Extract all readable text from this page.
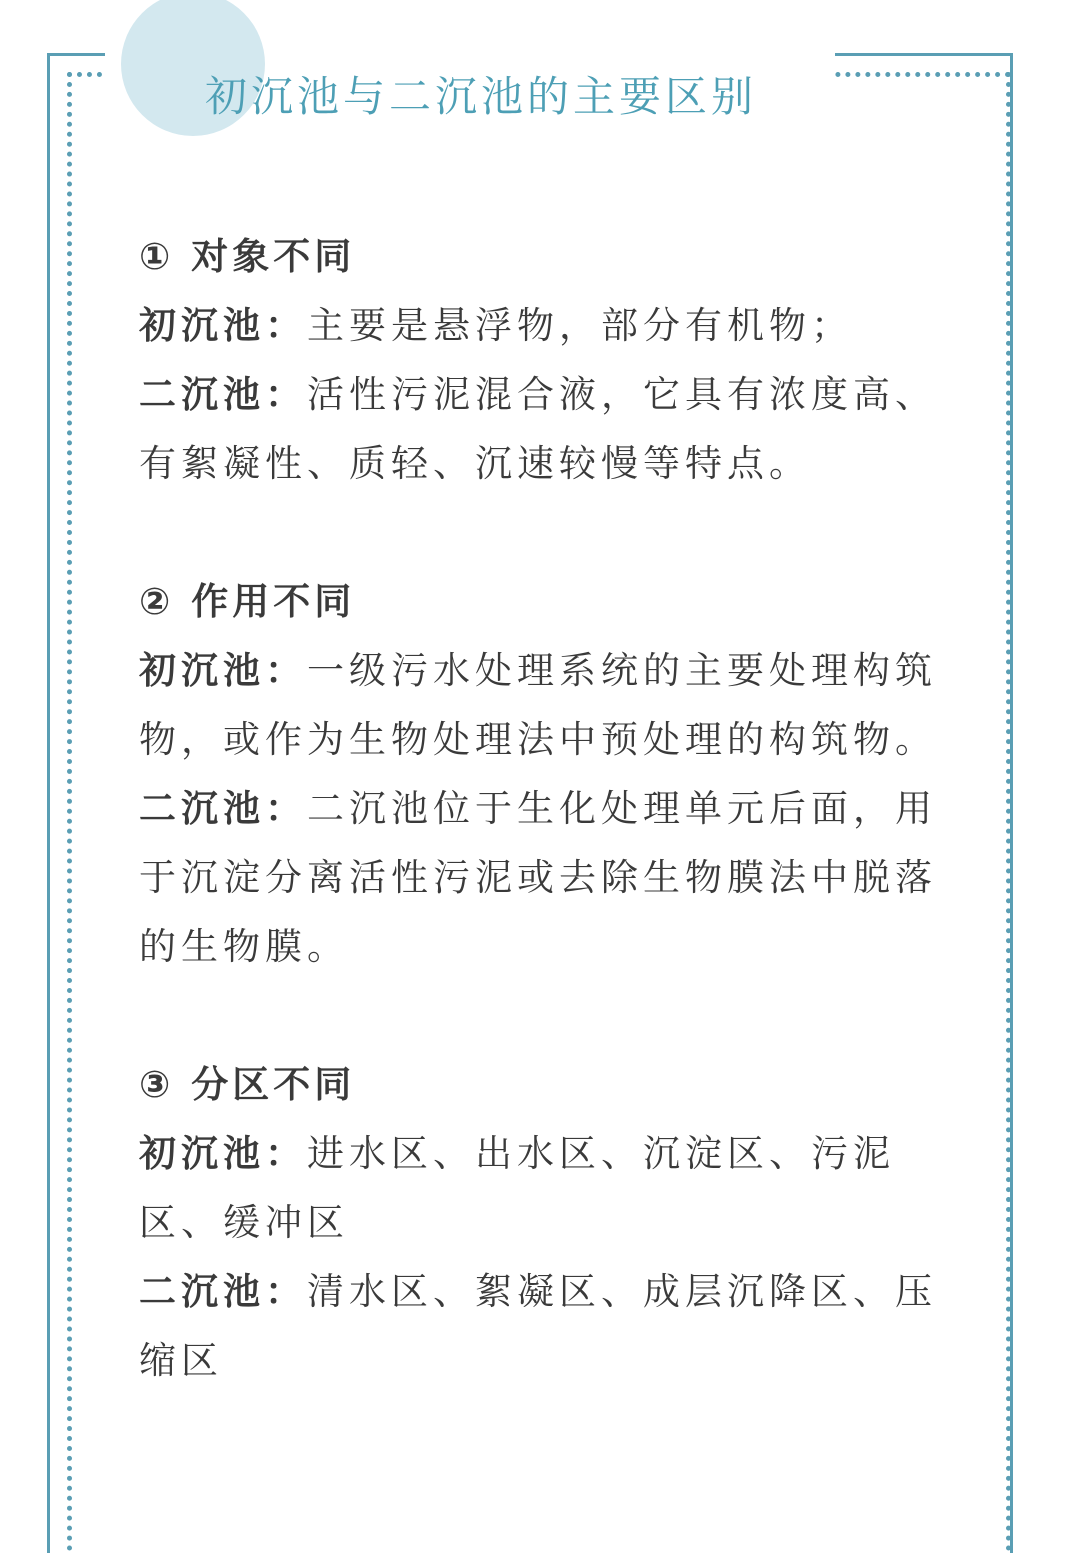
初沉池与二沉池的主要区别
① 对象不同

初沉池：主要是悬浮物，部分有机物；

二沉池：活性污泥混合液，它具有浓度高、有絮凝性、质轻、沉速较慢等特点。

② 作用不同

初沉池：一级污水处理系统的主要处理构筑物，或作为生物处理法中预处理的构筑物。

二沉池：二沉池位于生化处理单元后面，用于沉淀分离活性污泥或去除生物膜法中脱落的生物膜。

③ 分区不同

初沉池：进水区、出水区、沉淀区、污泥区、缓冲区

二沉池：清水区、絮凝区、成层沉降区、压缩区
